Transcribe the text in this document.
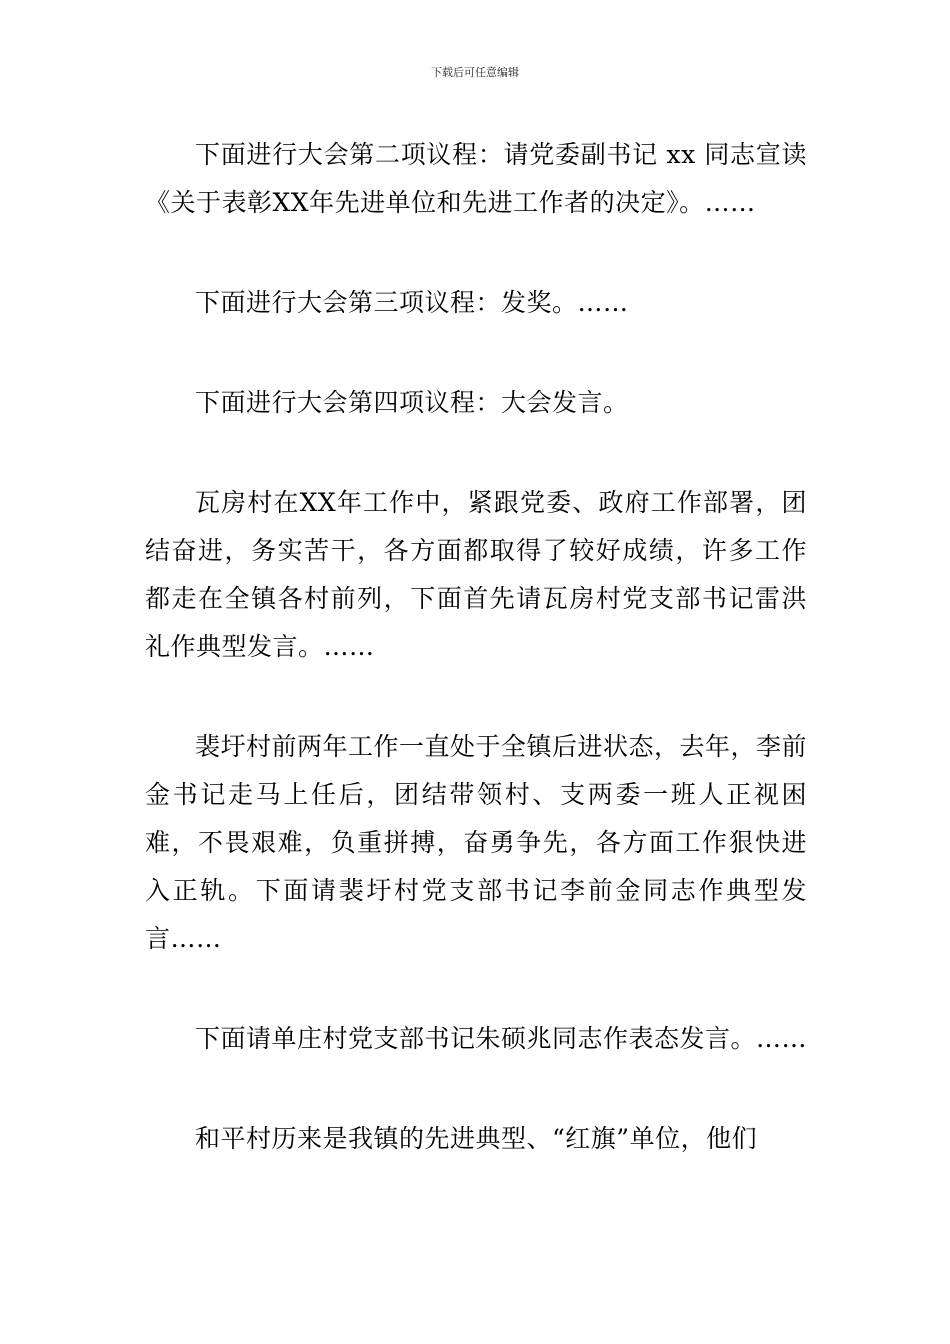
下载后可任意编辑

下面进行大会第二项议程：请党委副书记 xx 同志宣读《关于表彰XX年先进单位和先进工作者的决定》。……

下面进行大会第三项议程：发奖。……

下面进行大会第四项议程：大会发言。

瓦房村在XX年工作中，紧跟党委、政府工作部署，团结奋进，务实苦干，各方面都取得了较好成绩，许多工作都走在全镇各村前列，下面首先请瓦房村党支部书记雷洪礼作典型发言。……

裴圩村前两年工作一直处于全镇后进状态，去年，李前金书记走马上任后，团结带领村、支两委一班人正视困难，不畏艰难，负重拼搏，奋勇争先，各方面工作狠快进入正轨。下面请裴圩村党支部书记李前金同志作典型发言……

下面请单庄村党支部书记朱硕兆同志作表态发言。……

和平村历来是我镇的先进典型、“红旗”单位，他们
